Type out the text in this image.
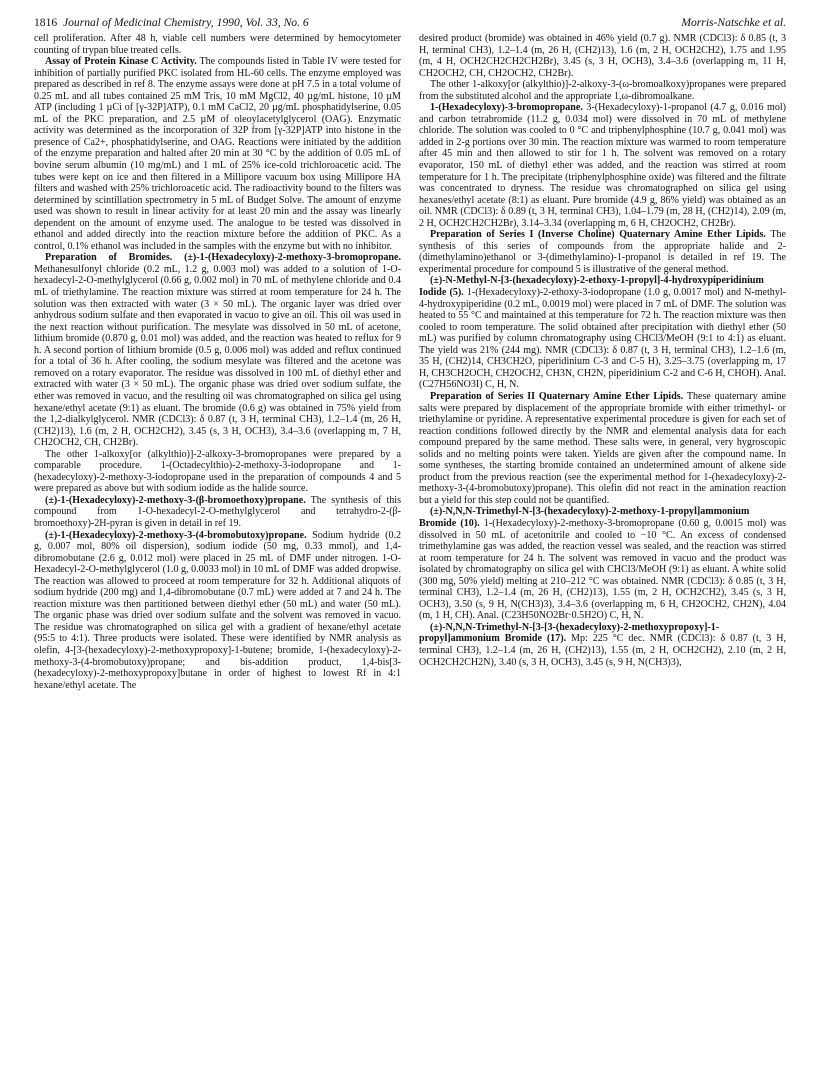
1816 Journal of Medicinal Chemistry, 1990, Vol. 33, No. 6	Morris-Natschke et al.

cell proliferation. After 48 h, viable cell numbers were determined by hemocytometer counting of trypan blue treated cells.

Assay of Protein Kinase C Activity. The compounds listed in Table IV were tested for inhibition of partially purified PKC isolated from HL-60 cells. The enzyme employed was prepared as described in ref 8. The enzyme assays were done at pH 7.5 in a total volume of 0.25 mL and all tubes contained 25 mM Tris, 10 mM MgCl2, 40 µg/mL histone, 10 µM ATP (including 1 µCi of [γ-32P]ATP), 0.1 mM CaCl2, 20 µg/mL phosphatidylserine, 0.05 mL of the PKC preparation, and 2.5 µM of oleoylacetylglycerol (OAG). Enzymatic activity was determined as the incorporation of 32P from [γ-32P]ATP into histone in the presence of Ca2+, phosphatidylserine, and OAG. Reactions were initiated by the addition of the enzyme preparation and halted after 20 min at 30 °C by the addition of 0.05 mL of bovine serum albumin (10 mg/mL) and 1 mL of 25% ice-cold trichloroacetic acid. The tubes were kept on ice and then filtered in a Millipore vacuum box using Millipore HA filters and washed with 25% trichloroacetic acid. The radioactivity bound to the filters was determined by scintillation spectrometry in 5 mL of Budget Solve. The amount of enzyme used was shown to result in linear activity for at least 20 min and the assay was linearly dependent on the amount of enzyme used. The analogue to be tested was dissolved in ethanol and added directly into the reaction mixture before the addition of PKC. As a control, 0.1% ethanol was included in the samples with the enzyme but with no inhibitor.

Preparation of Bromides. (±)-1-(Hexadecyloxy)-2-methoxy-3-bromopropane. Methanesulfonyl chloride (0.2 mL, 1.2 g, 0.003 mol) was added to a solution of 1-O-hexadecyl-2-O-methylglycerol (0.66 g, 0.002 mol) in 70 mL of methylene chloride and 0.4 mL of triethylamine. The reaction mixture was stirred at room temperature for 24 h. The solution was then extracted with water (3 × 50 mL). The organic layer was dried over anhydrous sodium sulfate and then evaporated in vacuo to give an oil. This oil was used in the next reaction without purification. The mesylate was dissolved in 50 mL of acetone, lithium bromide (0.870 g, 0.01 mol) was added, and the reaction was heated to reflux for 9 h. A second portion of lithium bromide (0.5 g, 0.006 mol) was added and reflux continued for a total of 36 h. After cooling, the sodium mesylate was filtered and the acetone was removed on a rotary evaporator. The residue was dissolved in 100 mL of diethyl ether and extracted with water (3 × 50 mL). The organic phase was dried over sodium sulfate, the ether was removed in vacuo, and the resulting oil was chromatographed on silica gel using hexane/ethyl acetate (9:1) as eluant. The bromide (0.6 g) was obtained in 75% yield from the 1,2-dialkylglycerol. NMR (CDCl3): δ 0.87 (t, 3 H, terminal CH3), 1.2–1.4 (m, 26 H, (CH2)13), 1.6 (m, 2 H, OCH2CH2), 3.45 (s, 3 H, OCH3), 3.4–3.6 (overlapping m, 7 H, CH2OCH2, CH, CH2Br).

The other 1-alkoxy[or (alkylthio)]-2-alkoxy-3-bromopropanes were prepared by a comparable procedure. 1-(Octadecylthio)-2-methoxy-3-iodopropane and 1-(hexadecyloxy)-2-methoxy-3-iodopropane used in the preparation of compounds 4 and 5 were prepared as above but with sodium iodide as the halide source.

(±)-1-(Hexadecyloxy)-2-methoxy-3-(β-bromoethoxy)propane. The synthesis of this compound from 1-O-hexadecyl-2-O-methylglycerol and tetrahydro-2-(β-bromoethoxy)-2H-pyran is given in detail in ref 19.

(±)-1-(Hexadecyloxy)-2-methoxy-3-(4-bromobutoxy)propane. Sodium hydride (0.2 g, 0.007 mol, 80% oil dispersion), sodium iodide (50 mg, 0.33 mmol), and 1,4-dibromobutane (2.6 g, 0.012 mol) were placed in 25 mL of DMF under nitrogen. 1-O-Hexadecyl-2-O-methylglycerol (1.0 g, 0.0033 mol) in 10 mL of DMF was added dropwise. The reaction was allowed to proceed at room temperature for 32 h. Additional aliquots of sodium hydride (200 mg) and 1,4-dibromobutane (0.7 mL) were added at 7 and 24 h. The reaction mixture was then partitioned between diethyl ether (50 mL) and water (50 mL). The organic phase was dried over sodium sulfate and the solvent was removed in vacuo. The residue was chromatographed on silica gel with a gradient of hexane/ethyl acetate (95:5 to 4:1). Three products were isolated. These were identified by NMR analysis as olefin, 4-[3-(hexadecyloxy)-2-methoxypropoxy]-1-butene; bromide, 1-(hexadecyloxy)-2-methoxy-3-(4-bromobutoxy)propane; and bis-addition product, 1,4-bis[3-(hexadecyloxy)-2-methoxypropoxy]butane in order of highest to lowest Rf in 4:1 hexane/ethyl acetate. The

desired product (bromide) was obtained in 46% yield (0.7 g). NMR (CDCl3): δ 0.85 (t, 3 H, terminal CH3), 1.2–1.4 (m, 26 H, (CH2)13), 1.6 (m, 2 H, OCH2CH2), 1.75 and 1.95 (m, 4 H, OCH2CH2CH2CH2Br), 3.45 (s, 3 H, OCH3), 3.4–3.6 (overlapping m, 11 H, CH2OCH2, CH, CH2OCH2, CH2Br).

The other 1-alkoxy[or (alkylthio)]-2-alkoxy-3-(ω-bromoalkoxy)propanes were prepared from the substituted alcohol and the appropriate 1,ω-dibromoalkane.

1-(Hexadecyloxy)-3-bromopropane. 3-(Hexadecyloxy)-1-propanol (4.7 g, 0.016 mol) and carbon tetrabromide (11.2 g, 0.034 mol) were dissolved in 70 mL of methylene chloride. The solution was cooled to 0 °C and triphenylphosphine (10.7 g, 0.041 mol) was added in 2-g portions over 30 min. The reaction mixture was warmed to room temperature after 45 min and then allowed to stir for 1 h. The solvent was removed on a rotary evaporator, 150 mL of diethyl ether was added, and the reaction was stirred at room temperature for 1 h. The precipitate (triphenylphosphine oxide) was filtered and the filtrate was concentrated to dryness. The residue was chromatographed on silica gel using hexanes/ethyl acetate (8:1) as eluant. Pure bromide (4.9 g, 86% yield) was obtained as an oil. NMR (CDCl3): δ 0.89 (t, 3 H, terminal CH3), 1.04–1.79 (m, 28 H, (CH2)14), 2.09 (m, 2 H, OCH2CH2CH2Br), 3.14–3.34 (overlapping m, 6 H, CH2OCH2, CH2Br).

Preparation of Series I (Inverse Choline) Quaternary Amine Ether Lipids. The synthesis of this series of compounds from the appropriate halide and 2-(dimethylamino)ethanol or 3-(dimethylamino)-1-propanol is detailed in ref 19. The experimental procedure for compound 5 is illustrative of the general method.

(±)-N-Methyl-N-[3-(hexadecyloxy)-2-ethoxy-1-propyl]-4-hydroxypiperidinium Iodide (5). 1-(Hexadecyloxy)-2-ethoxy-3-iodopropane (1.0 g, 0.0017 mol) and N-methyl-4-hydroxypiperidine (0.2 mL, 0.0019 mol) were placed in 7 mL of DMF. The solution was heated to 55 °C and maintained at this temperature for 72 h. The reaction mixture was then cooled to room temperature. The solid obtained after precipitation with diethyl ether (50 mL) was purified by column chromatography using CHCl3/MeOH (9:1 to 4:1) as eluant. The yield was 21% (244 mg). NMR (CDCl3): δ 0.87 (t, 3 H, terminal CH3), 1.2–1.6 (m, 35 H, (CH2)14, CH3CH2O, piperidinium C-3 and C-5 H), 3.25–3.75 (overlapping m, 17 H, CH3CH2OCH, CH2OCH2, CH3N, CH2N, piperidinium C-2 and C-6 H, CHOH). Anal. (C27H56NO3I) C, H, N.

Preparation of Series II Quaternary Amine Ether Lipids. These quaternary amine salts were prepared by displacement of the appropriate bromide with either trimethyl- or triethylamine or pyridine. A representative experimental procedure is given for each set of reaction conditions followed directly by the NMR and elemental analysis data for each compound prepared by the same method. These salts were, in general, very hygroscopic solids and no melting points were taken. Yields are given after the compound name. In some syntheses, the starting bromide contained an undetermined amount of alkene side product from the previous reaction (see the experimental method for 1-(hexadecyloxy)-2-methoxy-3-(4-bromobutoxy)propane). This olefin did not react in the amination reaction but a yield for this step could not be quantified.

(±)-N,N,N-Trimethyl-N-[3-(hexadecyloxy)-2-methoxy-1-propyl]ammonium Bromide (10). 1-(Hexadecyloxy)-2-methoxy-3-bromopropane (0.60 g, 0.0015 mol) was dissolved in 50 mL of acetonitrile and cooled to −10 °C. An excess of condensed trimethylamine gas was added, the reaction vessel was sealed, and the reaction was stirred at room temperature for 24 h. The solvent was removed in vacuo and the product was isolated by chromatography on silica gel with CHCl3/MeOH (9:1) as eluant. A white solid (300 mg, 50% yield) melting at 210–212 °C was obtained. NMR (CDCl3): δ 0.85 (t, 3 H, terminal CH3), 1.2–1.4 (m, 26 H, (CH2)13), 1.55 (m, 2 H, OCH2CH2), 3.45 (s, 3 H, OCH3), 3.50 (s, 9 H, N(CH3)3), 3.4–3.6 (overlapping m, 6 H, CH2OCH2, CH2N), 4.04 (m, 1 H, CH). Anal. (C23H50NO2Br·0.5H2O) C, H, N.

(±)-N,N,N-Trimethyl-N-[3-[3-(hexadecyloxy)-2-methoxypropoxy]-1-propyl]ammonium Bromide (17). Mp: 225 °C dec. NMR (CDCl3): δ 0.87 (t, 3 H, terminal CH3), 1.2–1.4 (m, 26 H, (CH2)13), 1.55 (m, 2 H, OCH2CH2), 2.10 (m, 2 H, OCH2CH2CH2N), 3.40 (s, 3 H, OCH3), 3.45 (s, 9 H, N(CH3)3),
